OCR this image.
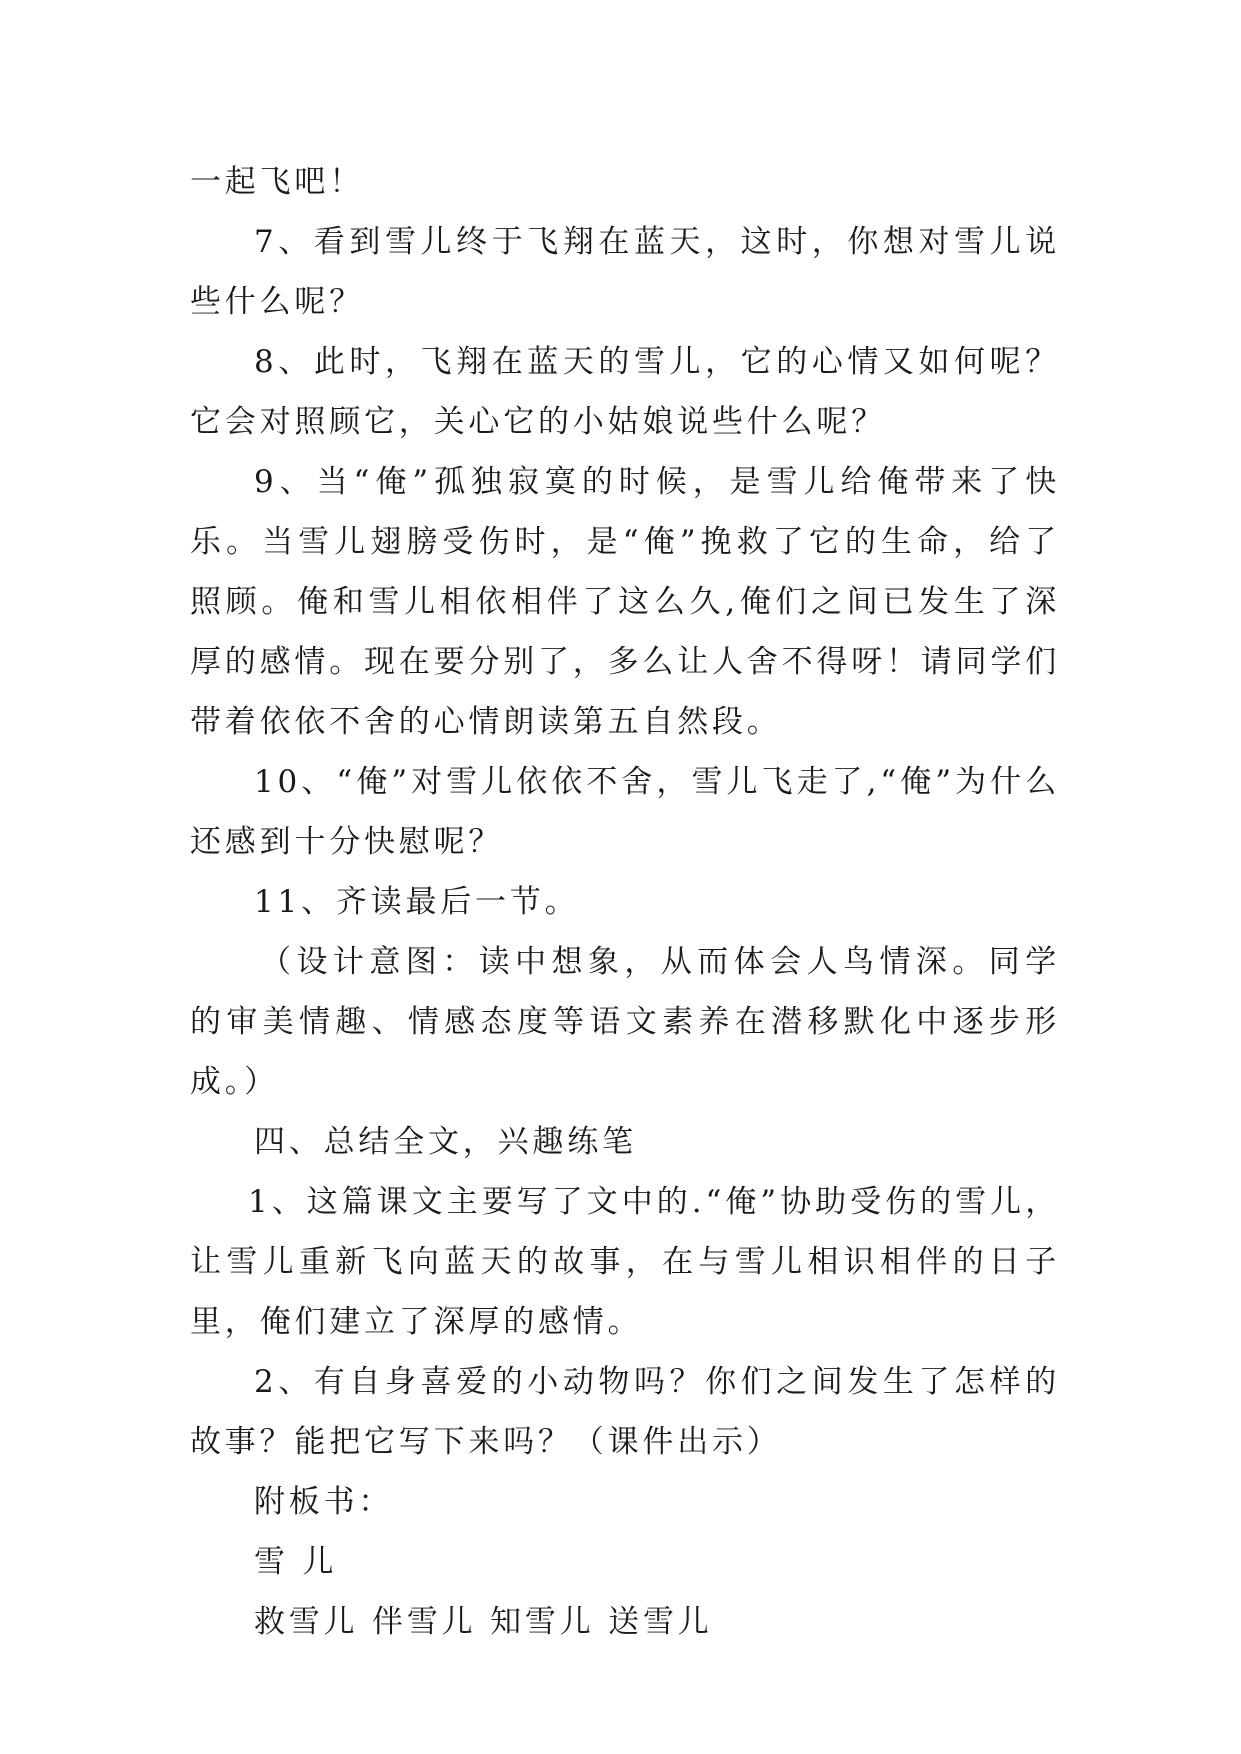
一起飞吧！

7、看到雪儿终于飞翔在蓝天，这时，你想对雪儿说些什么呢？

8、此时，飞翔在蓝天的雪儿，它的心情又如何呢？它会对照顾它，关心它的小姑娘说些什么呢？

9、当“俺”孤独寂寞的时候，是雪儿给俺带来了快乐。当雪儿翅膀受伤时，是“俺”挽救了它的生命，给了照顾。俺和雪儿相依相伴了这么久,俺们之间已发生了深厚的感情。现在要分别了，多么让人舍不得呀！请同学们带着依依不舍的心情朗读第五自然段。

10、“俺”对雪儿依依不舍，雪儿飞走了,“俺”为什么还感到十分快慰呢？

11、齐读最后一节。

（设计意图：读中想象，从而体会人鸟情深。同学的审美情趣、情感态度等语文素养在潜移默化中逐步形成。）

四、总结全文，兴趣练笔

1、这篇课文主要写了文中的.“俺”协助受伤的雪儿，让雪儿重新飞向蓝天的故事，在与雪儿相识相伴的日子里，俺们建立了深厚的感情。

2、有自身喜爱的小动物吗？你们之间发生了怎样的故事？能把它写下来吗？（课件出示）

附板书：

雪 儿

救雪儿 伴雪儿 知雪儿 送雪儿
